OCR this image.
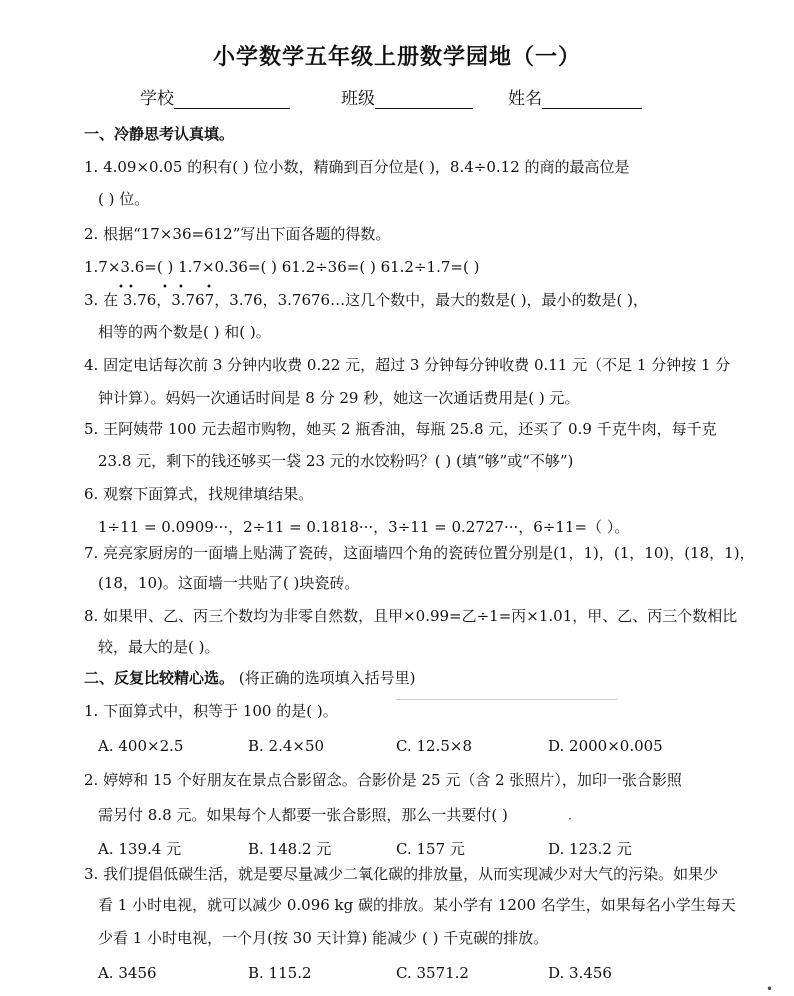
小学数学五年级上册数学园地（一）
学校	班级	姓名

一、冷静思考认真填。

1. 4.09×0.05 的积有( ) 位小数，精确到百分位是( )，8.4÷0.12 的商的最高位是

( ) 位。

2. 根据“17×36=612”写出下面各题的得数。

1.7×3.6=( ) 1.7×0.36=( ) 61.2÷36=( ) 61.2÷1.7=( )

• •	• • •

3. 在 3.76，3.767，3.76，3.7676…这几个数中，最大的数是( )，最小的数是( )，

相等的两个数是( ) 和( )。

4. 固定电话每次前 3 分钟内收费 0.22 元，超过 3 分钟每分钟收费 0.11 元（不足 1 分钟按 1 分

钟计算）。妈妈一次通话时间是 8 分 29 秒，她这一次通话费用是( ) 元。

5. 王阿姨带 100 元去超市购物，她买 2 瓶香油，每瓶 25.8 元，还买了 0.9 千克牛肉，每千克

23.8 元，剩下的钱还够买一袋 23 元的水饺粉吗？( ) (填“够”或“不够”)

6. 观察下面算式，找规律填结果。

1÷11 = 0.0909···，2÷11 = 0.1818···，3÷11 = 0.2727···，6÷11=（ ）。

7. 亮亮家厨房的一面墙上贴满了瓷砖，这面墙四个角的瓷砖位置分别是(1，1)，(1，10)，(18，1)，

(18，10)。这面墙一共贴了( )块瓷砖。

8. 如果甲、乙、丙三个数均为非零自然数，且甲×0.99=乙÷1=丙×1.01，甲、乙、丙三个数相比

较，最大的是( )。

二、反复比较精心选。 (将正确的选项填入括号里)

1. 下面算式中，积等于 100 的是( )。

A. 400×2.5	B. 2.4×50	C. 12.5×8	D. 2000×0.005

2. 婷婷和 15 个好朋友在景点合影留念。合影价是 25 元（含 2 张照片），加印一张合影照

需另付 8.8 元。如果每个人都要一张合影照，那么一共要付( )	·

A. 139.4 元	B. 148.2 元	C. 157 元	D. 123.2 元

3. 我们提倡低碳生活，就是要尽量减少二氧化碳的排放量，从而实现减少对大气的污染。如果少

看 1 小时电视，就可以减少 0.096 kg 碳的排放。某小学有 1200 名学生，如果每名小学生每天

少看 1 小时电视，一个月(按 30 天计算) 能减少 ( ) 千克碳的排放。

A. 3456	B. 115.2	C. 3571.2	D. 3.456

•
